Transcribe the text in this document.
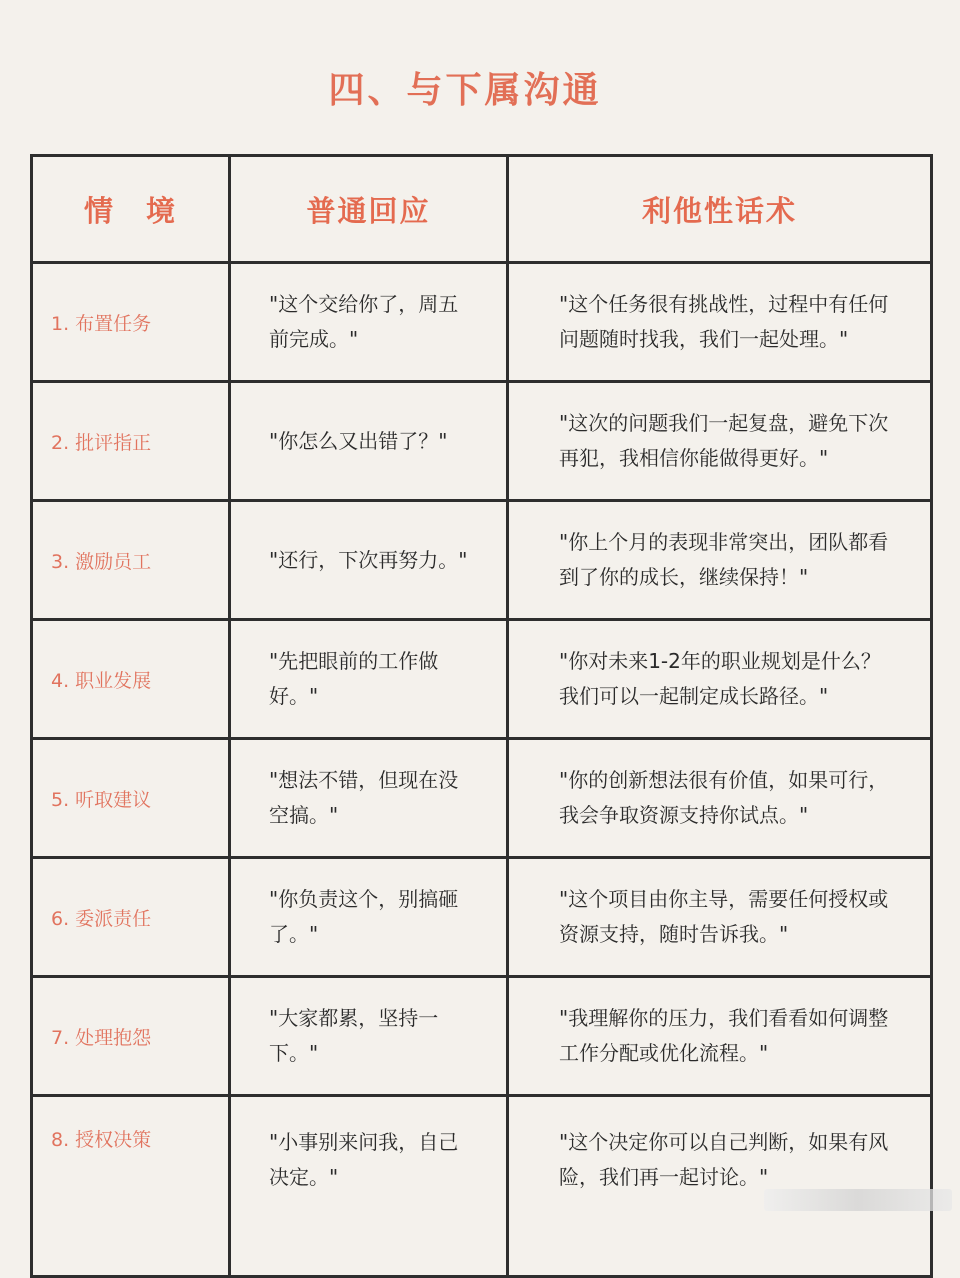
四、与下属沟通
情　境	普通回应	利他性话术

1. 布置任务	"这个交给你了，周五前完成。"	"这个任务很有挑战性，过程中有任何问题随时找我，我们一起处理。"

2. 批评指正	"你怎么又出错了？"	"这次的问题我们一起复盘，避免下次再犯，我相信你能做得更好。"

3. 激励员工	"还行，下次再努力。"	"你上个月的表现非常突出，团队都看到了你的成长，继续保持！"

4. 职业发展	"先把眼前的工作做好。"	"你对未来1-2年的职业规划是什么？我们可以一起制定成长路径。"

5. 听取建议	"想法不错，但现在没空搞。"	"你的创新想法很有价值，如果可行，我会争取资源支持你试点。"

6. 委派责任	"你负责这个，别搞砸了。"	"这个项目由你主导，需要任何授权或资源支持，随时告诉我。"

7. 处理抱怨	"大家都累，坚持一下。"	"我理解你的压力，我们看看如何调整工作分配或优化流程。"

8. 授权决策	"小事别来问我，自己决定。"	"这个决定你可以自己判断，如果有风险，我们再一起讨论。"
